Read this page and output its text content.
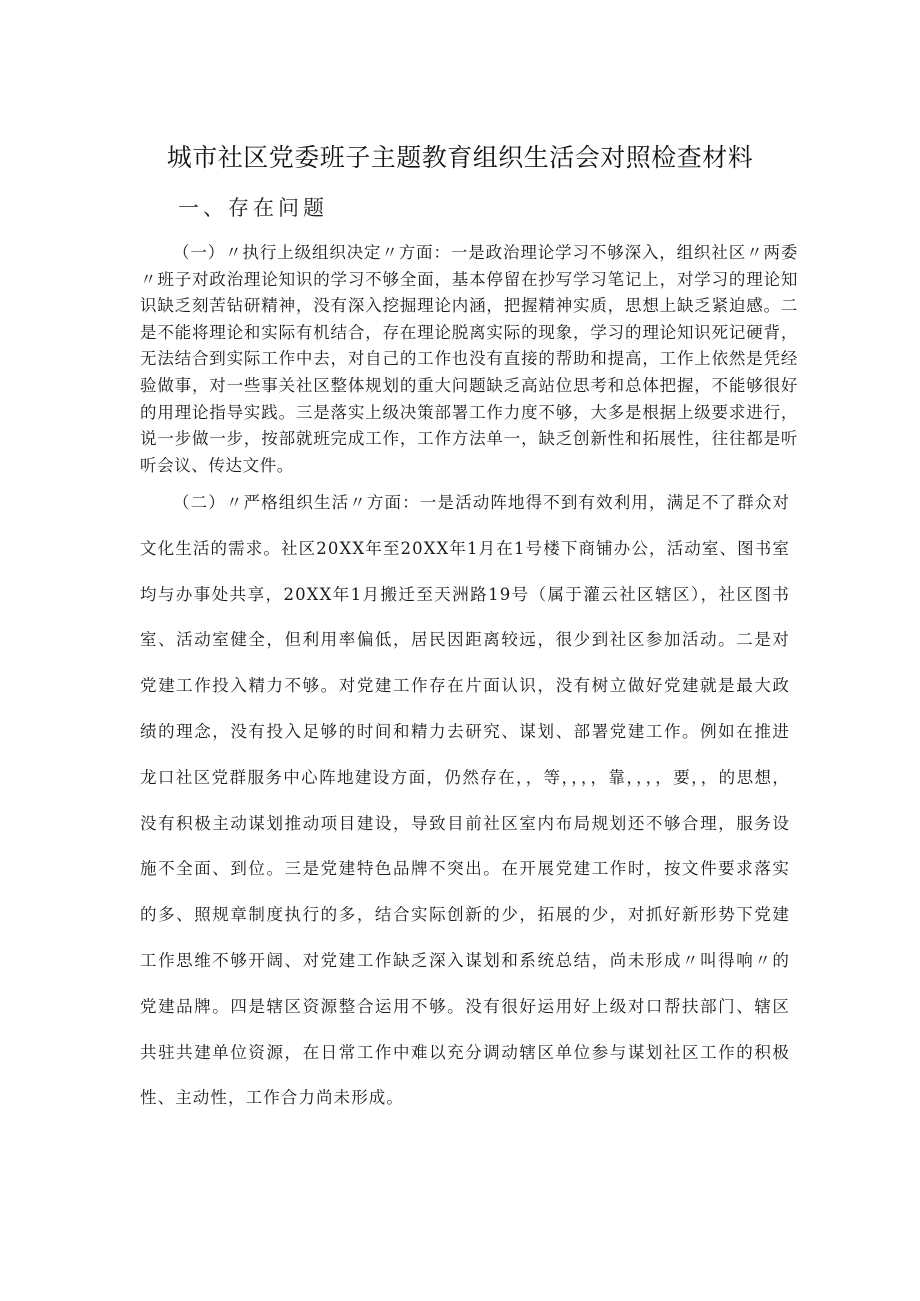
城市社区党委班子主题教育组织生活会对照检查材料
一、存在问题

（一）〃执行上级组织决定〃方面：一是政治理论学习不够深入，组织社区〃两委〃班子对政治理论知识的学习不够全面，基本停留在抄写学习笔记上，对学习的理论知识缺乏刻苦钻研精神，没有深入挖掘理论内涵，把握精神实质，思想上缺乏紧迫感。二是不能将理论和实际有机结合，存在理论脱离实际的现象，学习的理论知识死记硬背，无法结合到实际工作中去，对自己的工作也没有直接的帮助和提高，工作上依然是凭经验做事，对一些事关社区整体规划的重大问题缺乏高站位思考和总体把握，不能够很好的用理论指导实践。三是落实上级决策部署工作力度不够，大多是根据上级要求进行，说一步做一步，按部就班完成工作，工作方法单一，缺乏创新性和拓展性，往往都是听听会议、传达文件。

（二）〃严格组织生活〃方面：一是活动阵地得不到有效利用，满足不了群众对文化生活的需求。社区20XX年至20XX年1月在1号楼下商铺办公，活动室、图书室均与办事处共享，20XX年1月搬迁至天洲路19号（属于灌云社区辖区），社区图书室、活动室健全，但利用率偏低，居民因距离较远，很少到社区参加活动。二是对党建工作投入精力不够。对党建工作存在片面认识，没有树立做好党建就是最大政绩的理念，没有投入足够的时间和精力去研究、谋划、部署党建工作。例如在推进龙口社区党群服务中心阵地建设方面，仍然存在，，等，，，，靠，，，，要，，的思想，没有积极主动谋划推动项目建设，导致目前社区室内布局规划还不够合理，服务设施不全面、到位。三是党建特色品牌不突出。在开展党建工作时，按文件要求落实的多、照规章制度执行的多，结合实际创新的少，拓展的少，对抓好新形势下党建工作思维不够开阔、对党建工作缺乏深入谋划和系统总结，尚未形成〃叫得响〃的党建品牌。四是辖区资源整合运用不够。没有很好运用好上级对口帮扶部门、辖区共驻共建单位资源，在日常工作中难以充分调动辖区单位参与谋划社区工作的积极性、主动性，工作合力尚未形成。
